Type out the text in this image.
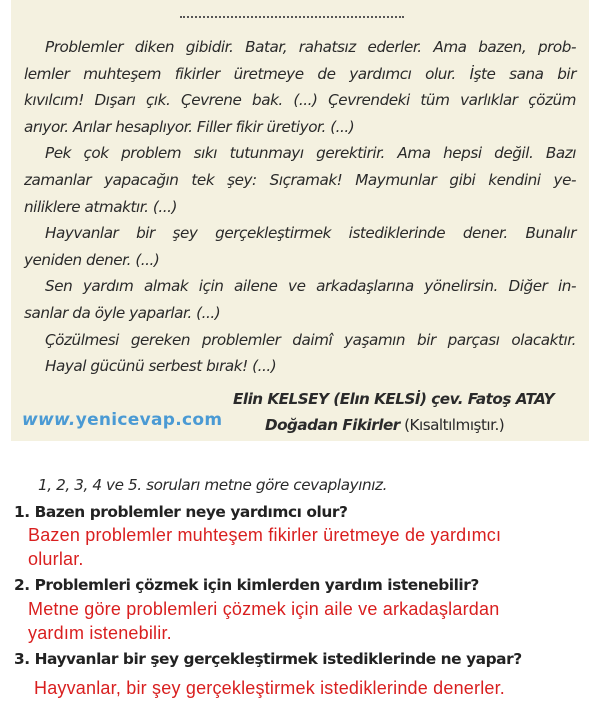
Problemler diken gibidir. Batar, rahatsız ederler. Ama bazen, prob-
lemler muhteşem fikirler üretmeye de yardımcı olur. İşte sana bir
kıvılcım! Dışarı çık. Çevrene bak. (...) Çevrendeki tüm varlıklar çözüm
arıyor. Arılar hesaplıyor. Filler fikir üretiyor. (...)
Pek çok problem sıkı tutunmayı gerektirir. Ama hepsi değil. Bazı
zamanlar yapacağın tek şey: Sıçramak! Maymunlar gibi kendini ye-
niliklere atmaktır. (...)
Hayvanlar bir şey gerçekleştirmek istediklerinde dener. Bunalır
yeniden dener. (...)
Sen yardım almak için ailene ve arkadaşlarına yönelirsin. Diğer in-
sanlar da öyle yaparlar. (...)
Çözülmesi gereken problemler daimî yaşamın bir parçası olacaktır.
Hayal gücünü serbest bırak! (...)
Elin KELSEY (Elın KELSİ) çev. Fatoş ATAY
Doğadan Fikirler (Kısaltılmıştır.)
www.yenicevap.com
1, 2, 3, 4 ve 5. soruları metne göre cevaplayınız.
1. Bazen problemler neye yardımcı olur?
Bazen problemler muhteşem fikirler üretmeye de yardımcı
olurlar.
2. Problemleri çözmek için kimlerden yardım istenebilir?
Metne göre problemleri çözmek için aile ve arkadaşlardan
yardım istenebilir.
3. Hayvanlar bir şey gerçekleştirmek istediklerinde ne yapar?
Hayvanlar, bir şey gerçekleştirmek istediklerinde denerler.
